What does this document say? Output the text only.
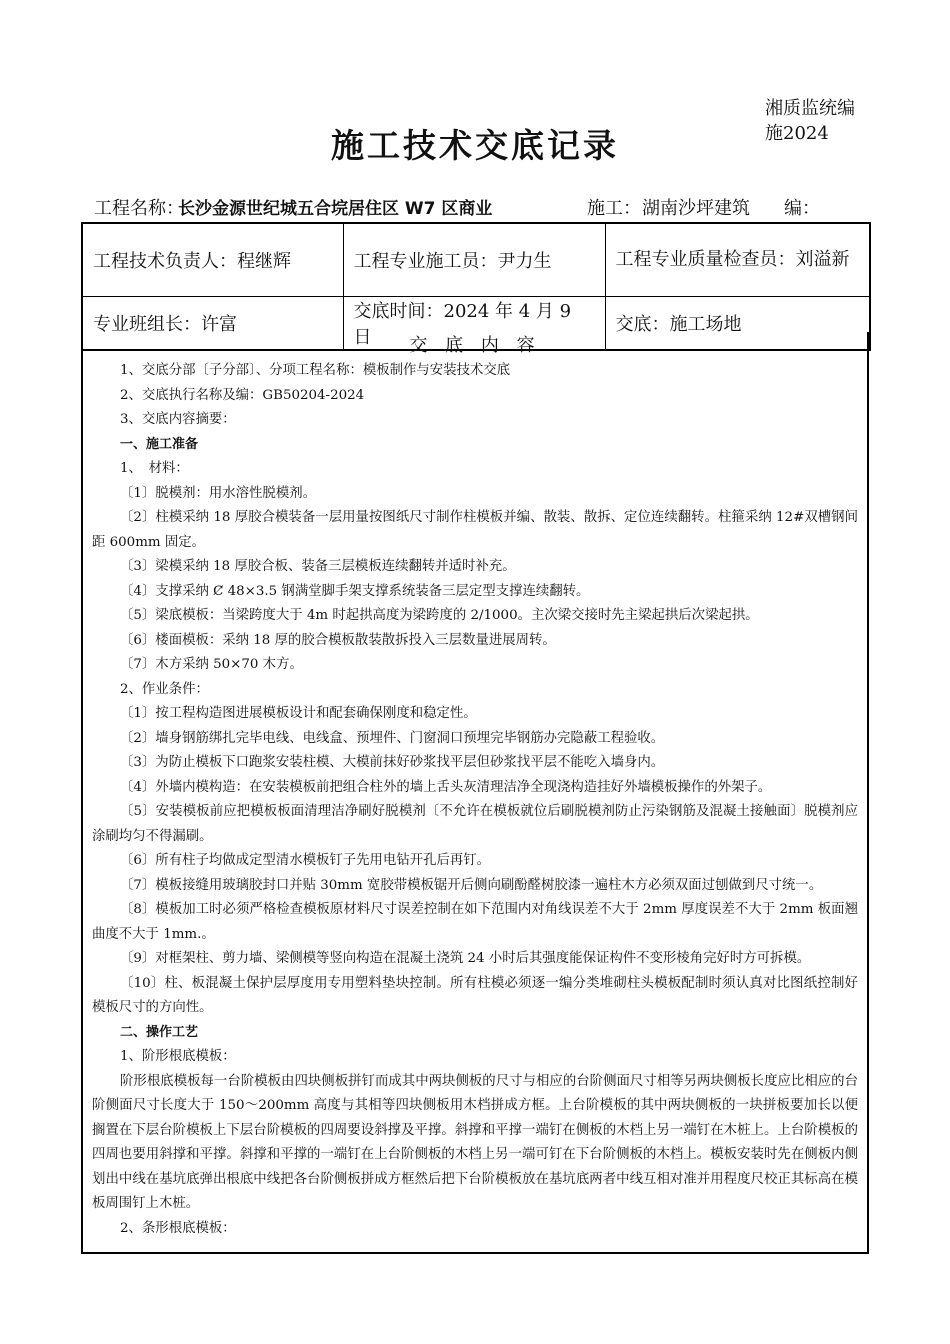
湘质监统编
施2024
施工技术交底记录
工程名称：
长沙金源世纪城五合垸居住区 W7 区商业	施工： 湖南沙坪建筑 编：
工程技术负责人：程继辉	工程专业施工员：尹力生	工程专业质量检查员：刘溢新
专业班组长：许富	交底时间：2024 年 4 月 9 日	交底：施工场地
交 底 内 容
1、交底分部〔子分部〕、分项工程名称：模板制作与安装技术交底
2、交底执行名称及编：GB50204-2024
3、交底内容摘要：
一、施工准备
1、　材料：
〔1〕脱模剂：用水溶性脱模剂。
〔2〕柱模采纳 18 厚胶合模装备一层用量按图纸尺寸制作柱模板并编、散装、散拆、定位连续翻转。柱箍采纳 12#双槽钢间距 600mm 固定。
〔3〕梁模采纳 18 厚胶合板、装备三层模板连续翻转并适时补充。
〔4〕支撑采纳 Ȼ 48×3.5 钢满堂脚手架支撑系统装备三层定型支撑连续翻转。
〔5〕梁底模板：当梁跨度大于 4m 时起拱高度为梁跨度的 2/1000。主次梁交接时先主梁起拱后次梁起拱。
〔6〕楼面模板：采纳 18 厚的胶合模板散装散拆投入三层数量进展周转。
〔7〕木方采纳 50×70 木方。
2、作业条件：
〔1〕按工程构造图进展模板设计和配套确保刚度和稳定性。
〔2〕墙身钢筋绑扎完毕电线、电线盒、预埋件、门窗洞口预埋完毕钢筋办完隐蔽工程验收。
〔3〕为防止模板下口跑浆安装柱模、大模前抹好砂浆找平层但砂浆找平层不能吃入墙身内。
〔4〕外墙内模构造：在安装模板前把组合柱外的墙上舌头灰清理洁净全现浇构造挂好外墙模板操作的外架子。
〔5〕安装模板前应把模板板面清理洁净刷好脱模剂〔不允许在模板就位后刷脱模剂防止污染钢筋及混凝土接触面〕脱模剂应涂刷均匀不得漏刷。
〔6〕所有柱子均做成定型清水模板钉子先用电钻开孔后再钉。
〔7〕模板接缝用玻璃胶封口并贴 30mm 宽胶带模板锯开后侧向刷酚醛树胶漆一遍柱木方必须双面过刨做到尺寸统一。
〔8〕模板加工时必须严格检查模板原材料尺寸误差控制在如下范围内对角线误差不大于 2mm 厚度误差不大于 2mm 板面翘曲度不大于 1mm.。
〔9〕对框架柱、剪力墙、梁侧模等竖向构造在混凝土浇筑 24 小时后其强度能保证构件不变形棱角完好时方可拆模。
〔10〕柱、板混凝土保护层厚度用专用塑料垫块控制。所有柱模必须逐一编分类堆砌柱头模板配制时须认真对比图纸控制好模板尺寸的方向性。
二、操作工艺
1、阶形根底模板：
阶形根底模板每一台阶模板由四块侧板拼钉而成其中两块侧板的尺寸与相应的台阶侧面尺寸相等另两块侧板长度应比相应的台阶侧面尺寸长度大于 150～200mm 高度与其相等四块侧板用木档拼成方框。上台阶模板的其中两块侧板的一块拼板要加长以便搁置在下层台阶模板上下层台阶模板的四周要设斜撑及平撑。斜撑和平撑一端钉在侧板的木档上另一端钉在木桩上。上台阶模板的四周也要用斜撑和平撑。斜撑和平撑的一端钉在上台阶侧板的木档上另一端可钉在下台阶侧板的木档上。模板安装时先在侧板内侧划出中线在基坑底弹出根底中线把各台阶侧板拼成方框然后把下台阶模板放在基坑底两者中线互相对准并用程度尺校正其标高在模板周围钉上木桩。
2、条形根底模板：
